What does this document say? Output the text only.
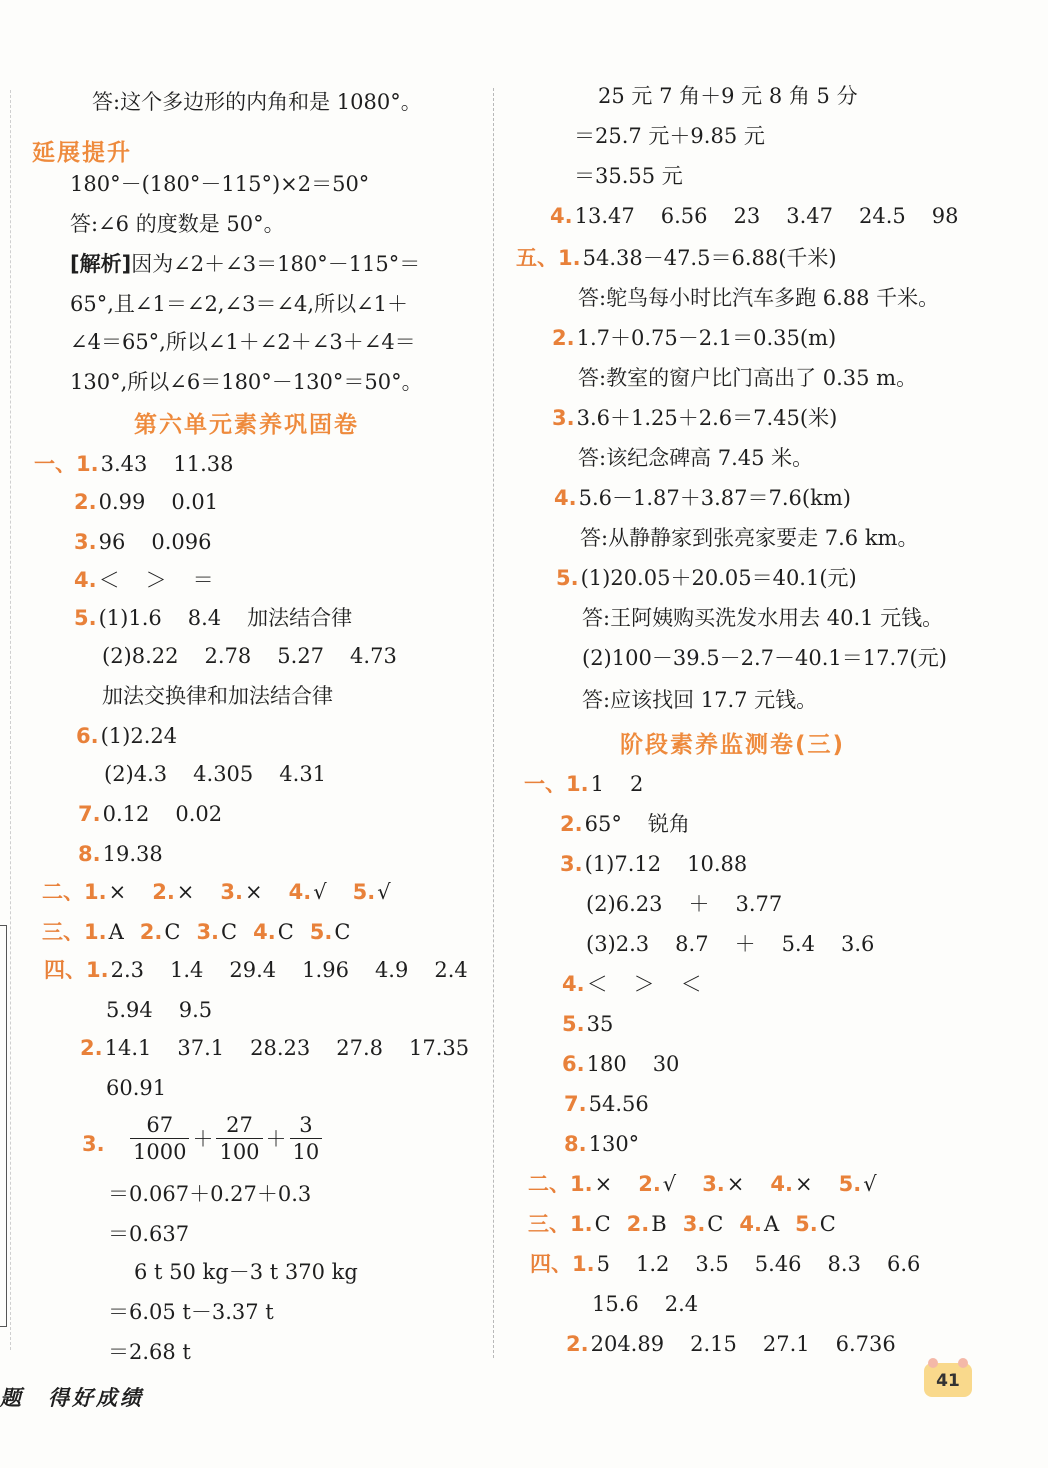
答:这个多边形的内角和是 1080°。
延展提升
180°－(180°－115°)×2＝50°
答:∠6 的度数是 50°。
[解析]因为∠2＋∠3＝180°－115°＝
65°,且∠1＝∠2,∠3＝∠4,所以∠1＋
∠4＝65°,所以∠1＋∠2＋∠3＋∠4＝
130°,所以∠6＝180°－130°＝50°。
第六单元素养巩固卷
一、1.3.43 11.38
2.0.99 0.01
3.96 0.096
4.＜ ＞ ＝
5.(1)1.6 8.4 加法结合律
(2)8.22 2.78 5.27 4.73
加法交换律和加法结合律
6.(1)2.24
(2)4.3 4.305 4.31
7.0.12 0.02
8.19.38
二、1.× 2.× 3.× 4.√ 5.√
三、1.A 2.C 3.C 4.C 5.C
四、1.2.3 1.4 29.4 1.96 4.9 2.4
5.94 9.5
2.14.1 37.1 28.23 27.8 17.35
60.91
3. $\frac{67}{1000} + \frac{27}{100} + \frac{3}{10}$
＝0.067＋0.27＋0.3
＝0.637
6 t 50 kg－3 t 370 kg
＝6.05 t－3.37 t
＝2.68 t
25 元 7 角＋9 元 8 角 5 分
＝25.7 元＋9.85 元
＝35.55 元
4.13.47 6.56 23 3.47 24.5 98
五、1.54.38－47.5＝6.88(千米)
答:鸵鸟每小时比汽车多跑 6.88 千米。
2.1.7＋0.75－2.1＝0.35(m)
答:教室的窗户比门高出了 0.35 m。
3.3.6＋1.25＋2.6＝7.45(米)
答:该纪念碑高 7.45 米。
4.5.6－1.87＋3.87＝7.6(km)
答:从静静家到张亮家要走 7.6 km。
5.(1)20.05＋20.05＝40.1(元)
答:王阿姨购买洗发水用去 40.1 元钱。
(2)100－39.5－2.7－40.1＝17.7(元)
答:应该找回 17.7 元钱。
阶段素养监测卷(三)
一、1.1 2
2.65° 锐角
3.(1)7.12 10.88
(2)6.23 ＋ 3.77
(3)2.3 8.7 ＋ 5.4 3.6
4.＜ ＞ ＜
5.35
6.180 30
7.54.56
8.130°
二、1.× 2.√ 3.× 4.× 5.√
三、1.C 2.B 3.C 4.A 5.C
四、1.5 1.2 3.5 5.46 8.3 6.6
15.6 2.4
2.204.89 2.15 27.1 6.736
题　得好成绩
41
